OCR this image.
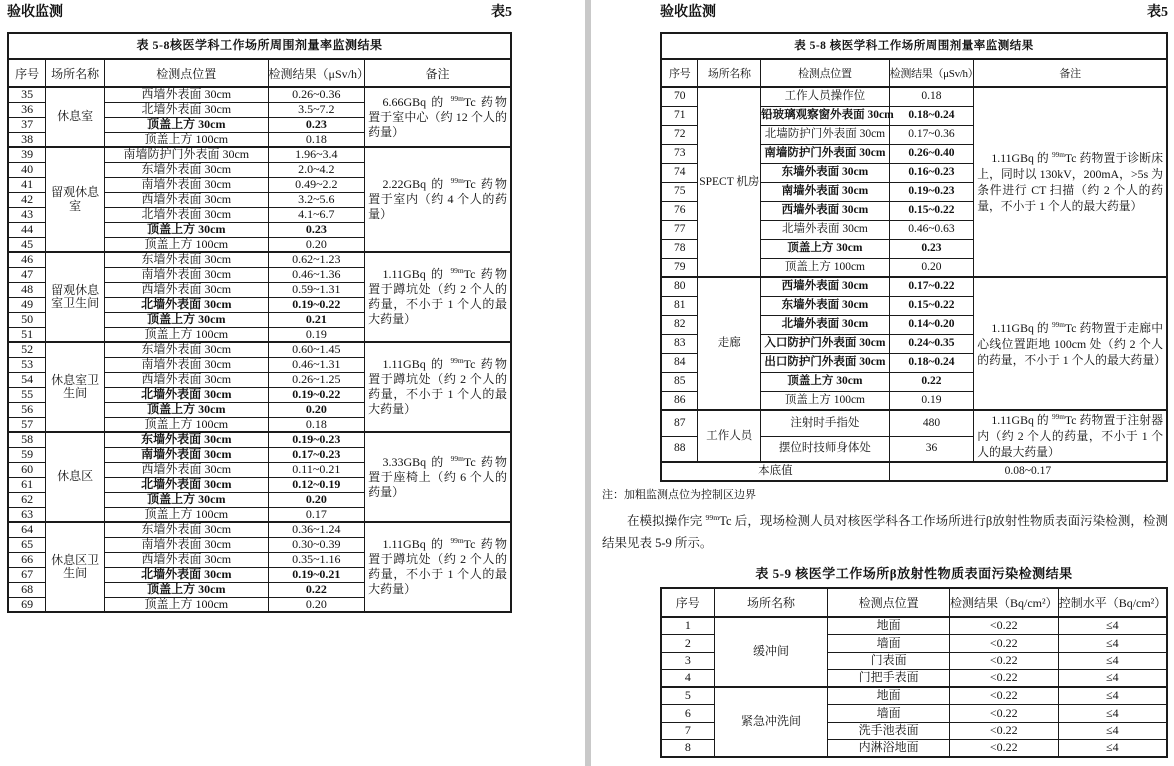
验收监测	表5
表 5-8核医学科工作场所周围剂量率监测结果				
序号	场所名称	检测点位置	检测结果（μSv/h）	备注
35	休息室	西墙外表面 30cm	0.26~0.36	6.66GBq 的 $^{99m}$Tc 药物置于室中心（约 12 个人的药量）

36		北墙外表面 30cm	3.5~7.2	
37		顶盖上方 30cm	0.23	
38		顶盖上方 100cm	0.18	
39	留观休息室	南墙防护门外表面 30cm	1.96~3.4	2.22GBq 的 $^{99m}$Tc 药物置于室内（约 4 个人的药量）

40		东墙外表面 30cm	2.0~4.2	
41		南墙外表面 30cm	0.49~2.2	
42		西墙外表面 30cm	3.2~5.6	
43		北墙外表面 30cm	4.1~6.7	
44		顶盖上方 30cm	0.23	
45		顶盖上方 100cm	0.20	
46	留观休息室卫生间	东墙外表面 30cm	0.62~1.23	1.11GBq 的 $^{99m}$Tc 药物置于蹲坑处（约 2 个人的药量，不小于 1 个人的最大药量）

47		南墙外表面 30cm	0.46~1.36	
48		西墙外表面 30cm	0.59~1.31	
49		北墙外表面 30cm	0.19~0.22	
50		顶盖上方 30cm	0.21	
51		顶盖上方 100cm	0.19	
52	休息室卫生间	东墙外表面 30cm	0.60~1.45	1.11GBq 的 $^{99m}$Tc 药物置于蹲坑处（约 2 个人的药量，不小于 1 个人的最大药量）

53		南墙外表面 30cm	0.46~1.31	
54		西墙外表面 30cm	0.26~1.25	
55		北墙外表面 30cm	0.19~0.22	
56		顶盖上方 30cm	0.20	
57		顶盖上方 100cm	0.18	
58	休息区	东墙外表面 30cm	0.19~0.23	3.33GBq 的 $^{99m}$Tc 药物置于座椅上（约 6 个人的药量）

59		南墙外表面 30cm	0.17~0.23	
60		西墙外表面 30cm	0.11~0.21	
61		北墙外表面 30cm	0.12~0.19	
62		顶盖上方 30cm	0.20	
63		顶盖上方 100cm	0.17	
64	休息区卫生间	东墙外表面 30cm	0.36~1.24	1.11GBq 的 $^{99m}$Tc 药物置于蹲坑处（约 2 个人的药量，不小于 1 个人的最大药量）

65		南墙外表面 30cm	0.30~0.39	
66		西墙外表面 30cm	0.35~1.16	
67		北墙外表面 30cm	0.19~0.21	
68		顶盖上方 30cm	0.22	
69		顶盖上方 100cm	0.20	
验收监测	表5
表 5-8 核医学科工作场所周围剂量率监测结果				
序号	场所名称	检测点位置	检测结果（μSv/h）	备注
70	SPECT 机房	工作人员操作位	0.18	1.11GBq 的 $^{99m}$Tc 药物置于诊断床上，同时以 130kV，200mA，>5s 为条件进行 CT 扫描（约 2 个人的药量，不小于 1 个人的最大药量）

71		铅玻璃观察窗外表面 30cm	0.18~0.24	
72		北墙防护门外表面 30cm	0.17~0.36	
73		南墙防护门外表面 30cm	0.26~0.40	
74		东墙外表面 30cm	0.16~0.23	
75		南墙外表面 30cm	0.19~0.23	
76		西墙外表面 30cm	0.15~0.22	
77		北墙外表面 30cm	0.46~0.63	
78		顶盖上方 30cm	0.23	
79		顶盖上方 100cm	0.20	
80	走廊	西墙外表面 30cm	0.17~0.22	1.11GBq 的 $^{99m}$Tc 药物置于走廊中心线位置距地 100cm 处（约 2 个人的药量，不小于 1 个人的最大药量）

81		东墙外表面 30cm	0.15~0.22	
82		北墙外表面 30cm	0.14~0.20	
83		入口防护门外表面 30cm	0.24~0.35	
84		出口防护门外表面 30cm	0.18~0.24	
85		顶盖上方 30cm	0.22	
86		顶盖上方 100cm	0.19	
87	工作人员	注射时手指处	480	1.11GBq 的 $^{99m}$Tc 药物置于注射器内（约 2 个人的药量，不小于 1 个人的最大药量）

88		摆位时技师身体处	36	
本底值			0.08~0.17	
注：加粗监测点位为控制区边界
在模拟操作完 $^{99m}$Tc 后，现场检测人员对核医学科各工作场所进行β放射性物质表面污染检测，检测结果见表 5-9 所示。
表 5-9 核医学工作场所β放射性物质表面污染检测结果
序号	场所名称	检测点位置	检测结果（Bq/cm²）	控制水平（Bq/cm²）
1	缓冲间	地面	<0.22	≤4
2		墙面	<0.22	≤4
3		门表面	<0.22	≤4
4		门把手表面	<0.22	≤4
5	紧急冲洗间	地面	<0.22	≤4
6		墙面	<0.22	≤4
7		洗手池表面	<0.22	≤4
8		内淋浴地面	<0.22	≤4
